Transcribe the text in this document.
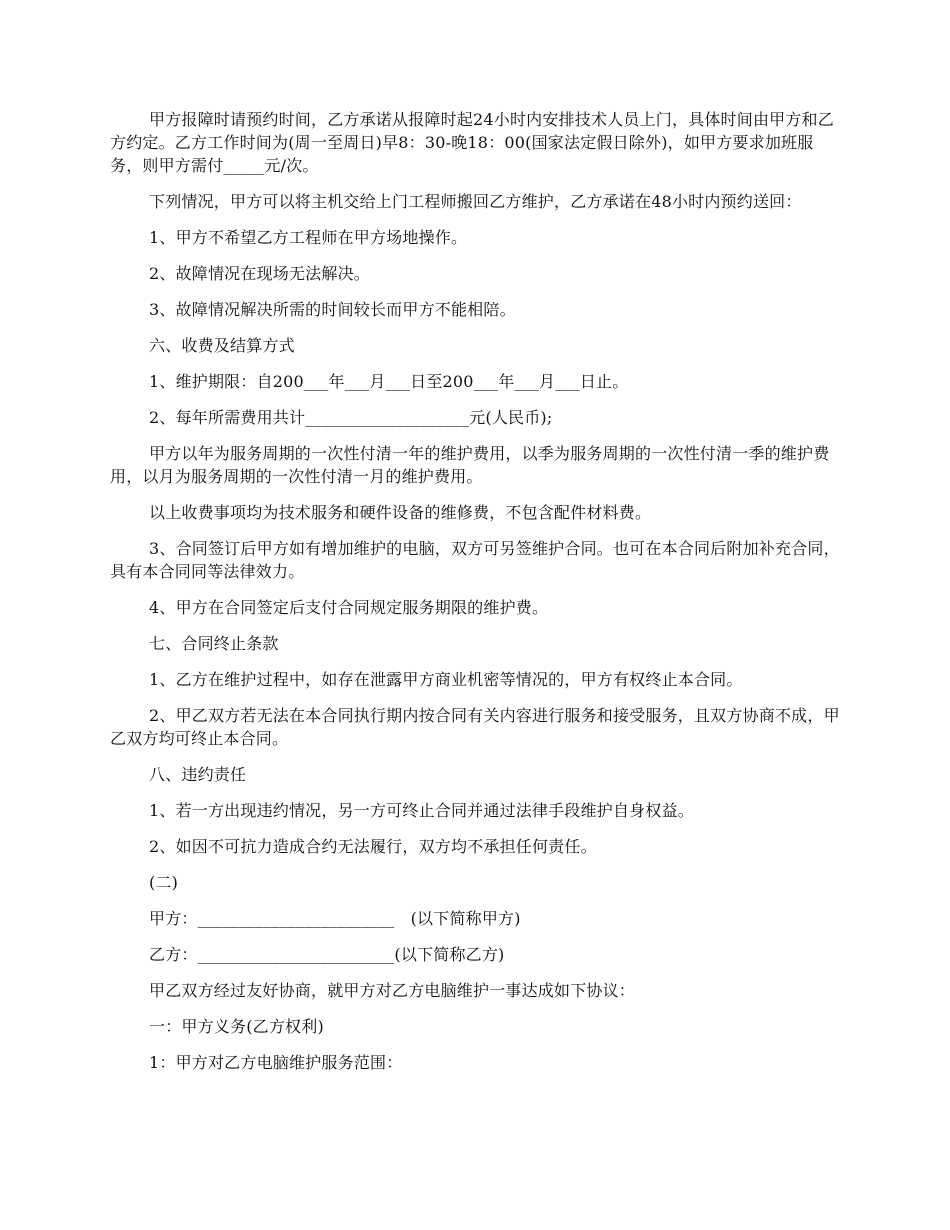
甲方报障时请预约时间，乙方承诺从报障时起24小时内安排技术人员上门，具体时间由甲方和乙方约定。乙方工作时间为(周一至周日)早8：30-晚18：00(国家法定假日除外)，如甲方要求加班服务，则甲方需付_____元/次。

下列情况，甲方可以将主机交给上门工程师搬回乙方维护，乙方承诺在48小时内预约送回：

1、甲方不希望乙方工程师在甲方场地操作。

2、故障情况在现场无法解决。

3、故障情况解决所需的时间较长而甲方不能相陪。

六、收费及结算方式

1、维护期限：自200___年___月___日至200___年___月___日止。

2、每年所需费用共计____________________元(人民币);

甲方以年为服务周期的一次性付清一年的维护费用，以季为服务周期的一次性付清一季的维护费用，以月为服务周期的一次性付清一月的维护费用。

以上收费事项均为技术服务和硬件设备的维修费，不包含配件材料费。

3、合同签订后甲方如有增加维护的电脑，双方可另签维护合同。也可在本合同后附加补充合同，具有本合同同等法律效力。

4、甲方在合同签定后支付合同规定服务期限的维护费。

七、合同终止条款

1、乙方在维护过程中，如存在泄露甲方商业机密等情况的，甲方有权终止本合同。

2、甲乙双方若无法在本合同执行期内按合同有关内容进行服务和接受服务，且双方协商不成，甲乙双方均可终止本合同。

八、违约责任

1、若一方出现违约情况，另一方可终止合同并通过法律手段维护自身权益。

2、如因不可抗力造成合约无法履行，双方均不承担任何责任。

(二)

甲方：________________________　(以下简称甲方)

乙方：________________________(以下简称乙方)

甲乙双方经过友好协商，就甲方对乙方电脑维护一事达成如下协议：

一：甲方义务(乙方权利)

1：甲方对乙方电脑维护服务范围：
